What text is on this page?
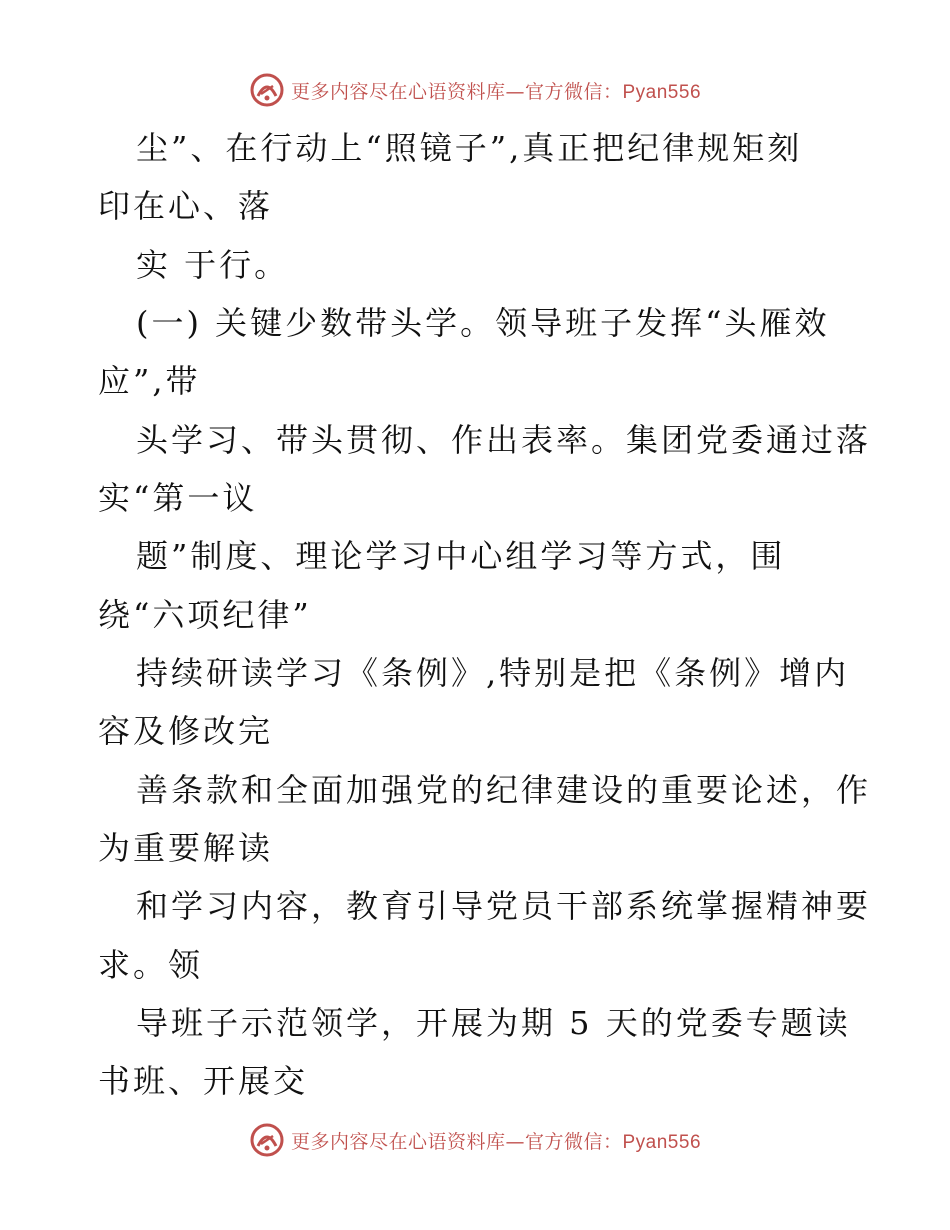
更多内容尽在心语资料库—官方微信：Pyan556
尘”、在行动上“照镜子”,真正把纪律规矩刻
印在心、落
实 于行。
(一) 关键少数带头学。领导班子发挥“头雁效
应”,带
头学习、带头贯彻、作出表率。集团党委通过落
实“第一议
题”制度、理论学习中心组学习等方式，围
绕“六项纪律”
持续研读学习《条例》,特别是把《条例》增内
容及修改完
善条款和全面加强党的纪律建设的重要论述，作
为重要解读
和学习内容，教育引导党员干部系统掌握精神要
求。领
导班子示范领学，开展为期 5 天的党委专题读
书班、开展交
更多内容尽在心语资料库—官方微信：Pyan556
